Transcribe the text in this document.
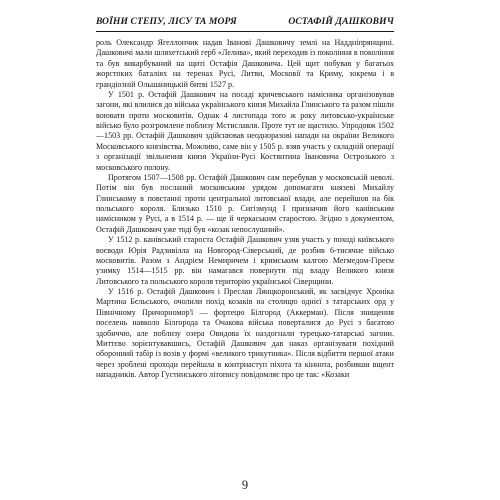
ВОЇНИ СТЕПУ, ЛІСУ ТА МОРЯ	ОСТАФІЙ ДАШКОВИЧ

роль Олександр Ягеллончик надав Іванові Дашковичу землі на Наддніпрянщині. Дашковичі мали шляхетський герб «Лелива», який переходив із покоління в покоління та був викарбуваний на щиті Остафія Дашковича. Цей щит побував у багатьох жорстоких баталіях на теренах Русі, Литви, Московії та Криму, зокрема і в грандіозній Ольшаницькій битві 1527 р.

У 1501 р. Остафій Дашкович на посаді кричевського намісника організовував загони, які влилися до війська українського князя Михайла Глинського та разом пішли воювати проти московитів. Однак 4 листопада того ж року литовсько-українське військо було розгромлене поблизу Мстиславля. Проте тут не щастило. Упродовж 1502—1503 рр. Остафій Дашкович здійснював неодноразові напади на окраїни Великого Московського князівства. Можливо, саме він у 1505 р. взяв участь у складній операції з організації звільнення князя України-Русі Костянтина Івановича Острозького з московського полону.

Протягом 1507—1508 рр. Остафій Дашкович сам перебував у московській неволі. Потім він був посланий московським урядом допомагати князеві Михайлу Глинському в повстанні проти центральної литовської влади, але перейшов на бік польського короля. Близько 1510 р. Сигізмунд І призначив його канівським намісником у Русі, а в 1514 р. — ще й черкаським старостою. Згідно з документом, Остафій Дашкович уже тоді був «козак непослушний».

У 1512 р. канівський староста Остафій Дашкович узяв участь у поході київського воєводи Юрія Радзивілла на Новгород-Сіверський, де розбив 6-тисячне військо московитів. Разом з Андрієм Немиричем і кримським калгою Мегмедом-Гіреєм узимку 1514—1515 рр. він намагався повернути під владу Великого князя Литовського та польського короля територію української Сіверщини.

У 1516 р. Остафій Дашкович і Преслав Лянцкоронський, як засвідчує Хроніка Мартина Бєльського, очолили похід козаків на столицю однієї з татарських орд у Північному Причорномор'ї — фортецю Білгород (Аккерман). Після знищення поселень навколо Білгорода та Очакова війська поверталися до Русі з багатою здобиччю, але поблизу озера Овидова їх наздогнали турецько-татарські загони. Миттєво зорієнтувавшись, Остафій Дашкович дав наказ організувати похідний оборонний табір із возів у формі «великого трикутника». Після відбиття першої атаки через зроблені проходи перейшла в контрнаступ піхота та кіннота, розбивши вщент нападників. Автор Густинського літопису повідомляє про це так: «Козаки

9
